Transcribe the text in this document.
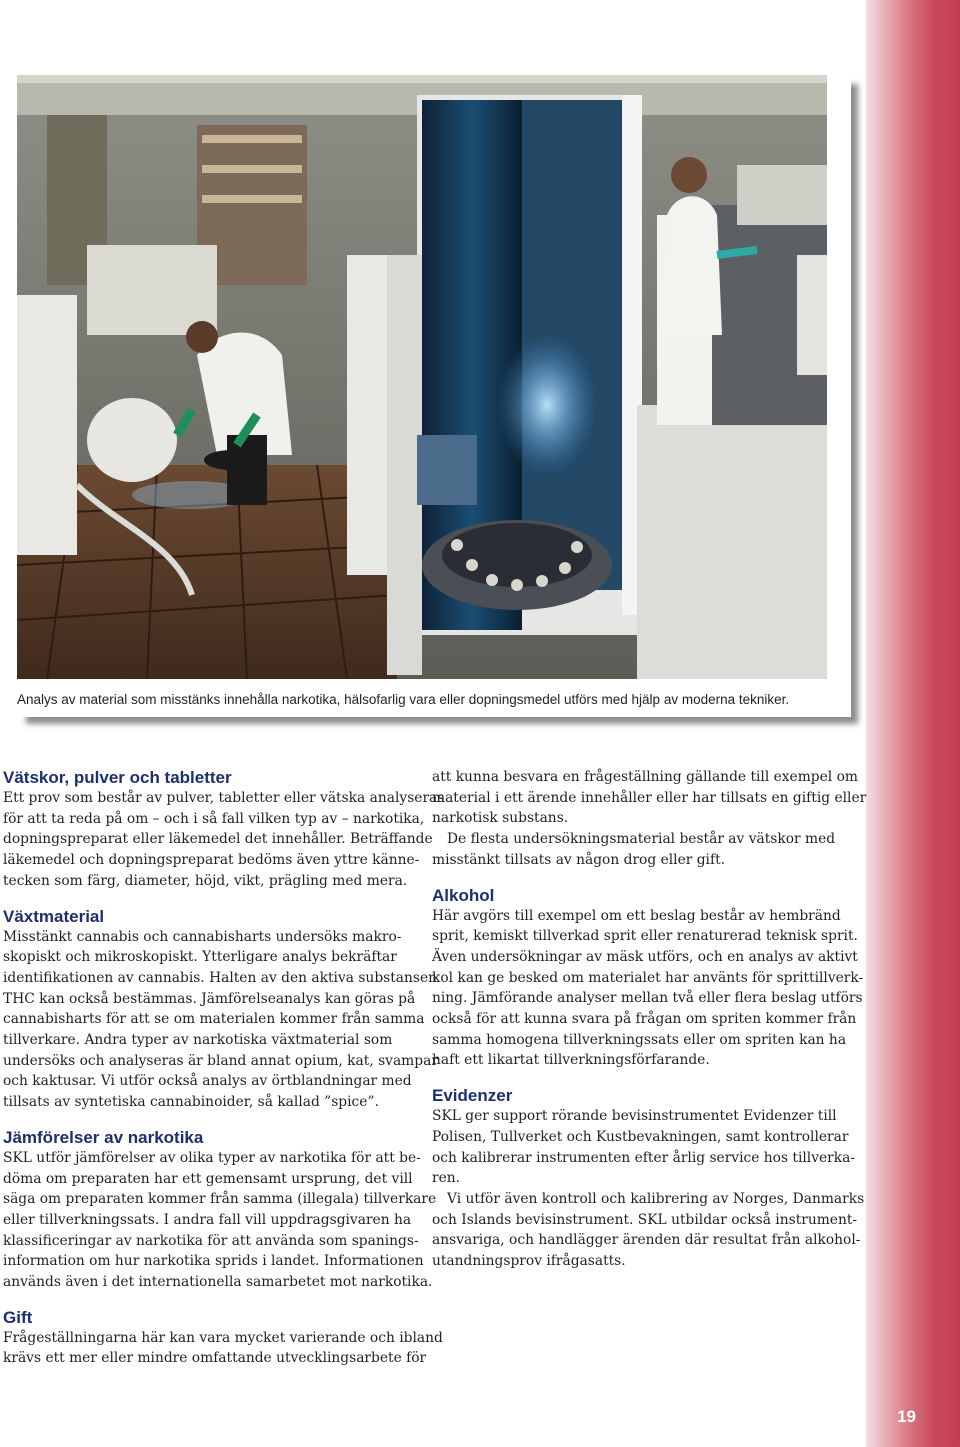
19
Analys av material som misstänks innehålla narkotika, hälsofarlig vara eller dopningsmedel utförs med hjälp av moderna tekniker.
Vätskor, pulver och tabletter

Ett prov som består av pulver, tabletter eller vätska analyseras
för att ta reda på om – och i så fall vilken typ av – narkotika,
dopningspreparat eller läkemedel det innehåller. Beträffande
läkemedel och dopningspreparat bedöms även yttre känne-
tecken som färg, diameter, höjd, vikt, prägling med mera.

Växtmaterial

Misstänkt cannabis och cannabisharts undersöks makro-
skopiskt och mikroskopiskt. Ytterligare analys bekräftar
identifikationen av cannabis. Halten av den aktiva substansen
THC kan också bestämmas. Jämförelseanalys kan göras på
cannabisharts för att se om materialen kommer från samma
tillverkare. Andra typer av narkotiska växtmaterial som
undersöks och analyseras är bland annat opium, kat, svampar
och kaktusar. Vi utför också analys av örtblandningar med
tillsats av syntetiska cannabinoider, så kallad ”spice”.

Jämförelser av narkotika

SKL utför jämförelser av olika typer av narkotika för att be-
döma om preparaten har ett gemensamt ursprung, det vill
säga om preparaten kommer från samma (illegala) tillverkare
eller tillverkningssats. I andra fall vill uppdragsgivaren ha
klassificeringar av narkotika för att använda som spanings-
information om hur narkotika sprids i landet. Informationen
används även i det internationella samarbetet mot narkotika.

Gift

Frågeställningarna här kan vara mycket varierande och ibland
krävs ett mer eller mindre omfattande utvecklingsarbete för

att kunna besvara en frågeställning gällande till exempel om
material i ett ärende innehåller eller har tillsats en giftig eller
narkotisk substans.

De flesta undersökningsmaterial består av vätskor med
misstänkt tillsats av någon drog eller gift.

Alkohol

Här avgörs till exempel om ett beslag består av hembränd
sprit, kemiskt tillverkad sprit eller renaturerad teknisk sprit.
Även undersökningar av mäsk utförs, och en analys av aktivt
kol kan ge besked om materialet har använts för sprittillverk-
ning. Jämförande analyser mellan två eller flera beslag utförs
också för att kunna svara på frågan om spriten kommer från
samma homogena tillverkningssats eller om spriten kan ha
haft ett likartat tillverkningsförfarande.

Evidenzer

SKL ger support rörande bevisinstrumentet Evidenzer till
Polisen, Tullverket och Kustbevakningen, samt kontrollerar
och kalibrerar instrumenten efter årlig service hos tillverka-
ren.

Vi utför även kontroll och kalibrering av Norges, Danmarks
och Islands bevisinstrument. SKL utbildar också instrument-
ansvariga, och handlägger ärenden där resultat från alkohol-
utandningsprov ifrågasatts.
